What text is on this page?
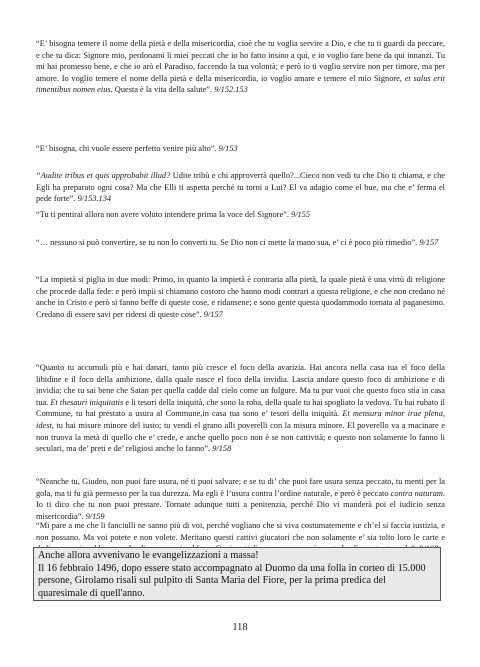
“E’ bisogna temere il nome della pietà e della misericordia, cioè che tu voglia servire a Dio, e che tu ti guardi da peccare, e che tu dica: Signore mio, perdonami li miei peccati che io ho fatto insino a qui, e io voglio fare bene da qui innanzi. Tu mi hai promesso bene, e che io arò el Paradiso, faccendo la tua volontà; e però io ti voglio servire non per timore, ma per amore. Io voglio temere el nome della pietà e della misericordia, io voglio amare e temere el mio Signore, et salus erit timentibus nomen eius. Questa è la vita della salute”. 9/152.153

“E’ bisogna, chi vuole essere perfetto venire più alto”. 9/153

“Audite tribus et quis approbabit illud? Udite tribù e chi approverrà quello?...Cieco non vedi tu che Dio ti chiama, e che Egli ha preparato ogni cosa? Ma che Elli ti aspetta perché tu torni a Lui? El va adagio come el bue, ma che e’ ferma el pede forte”. 9/153.134

“Tu ti pentirai allora non avere voluto intendere prima la voce del Signore”. 9/155

“… nessuno si può convertire, se tu non lo converti tu. Se Dio non ci mette la mano sua, e’ ci è poco più rimedio”. 9/157

“La impietà si piglia in due modi: Primo, in quanto la impietà è contraria alla pietà, la quale pietà è una virtù di religione che procede dalla fede: e però impii si chiamano costoro che hanno modi contrari a questa religione, e che non credano né anche in Cristo e però si fanno beffe di queste cose, e ridansene; e sono gente questa quodammodo tornata al paganesimo. Credano di essere savi per ridersi di queste cose”. 9/157

“Quanto tu accumuli più e hai danari, tanto più cresce el foco della avarizia. Hai ancora nella casa tua el foco della libidine e il foco della ambizione, dalla quale nasce el foco della invidia. Lascia andare questo foco di ambizione e di invidia; che tu sai bene che Satan per quella cadde dal cielo come un fulgure. Ma tu pur vuoi che questo foco stia in casa tua. Et thesauri iniquitatis e li tesori della iniquità, che sono la roba, della quale tu hai spogliato la vedova. Tu hai rubato il Commune, tu hai prestato a usura al Commune,in casa tua sono e’ tesori della iniquità. Et mensura minor irae plena, idest, tu hai misure minore del iusto; tu vendi el grano alli poverelli con la misura minore. El poverello va a macinare e non truova la metà di quello che e’ crede, e anche quello poco non è se non cattività; e questo non solamente lo fanno li seculari, ma de’ preti e de’ religiosi anche lo fanno”. 9/158

“Neanche tu, Giudeo, non puoi fare usura, né ti puoi salvare; e se tu di’ che puoi fare usura senza peccato, tu menti per la gola, ma ti fu già permesso per la tua durezza. Ma egli è l’usura contra l’ordine naturale, e però è peccato contra naturam. Io ti dico che tu non puoi prestare. Tornate adunque tutti a penitenzia, perché Dio vi manderà poi el iudicio senza misericordia”. 9/159

“Mi pare a me che li fanciulli ne sanno più di voi, perché vogliano che si viva costumatemente e ch’el si faccia iustizia, e non possano. Ma voi potete e non volete. Meritano questi cattivi giucatori che non solamente e’ sia tolto loro le carte e

Anche allora avvenivano le evangelizzazioni a massa!

Il 16 febbraio 1496, dopo essere stato accompagnato al Duomo da una folla in corteo di 15.000 persone, Girolamo risalì sul pulpito di Santa Maria del Fiore, per la prima predica del quaresimale di quell'anno.

118
